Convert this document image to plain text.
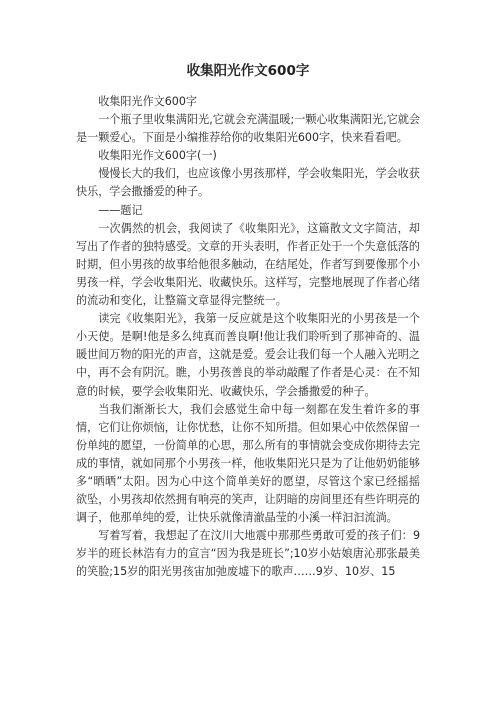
收集阳光作文600字

收集阳光作文600字

一个瓶子里收集满阳光,它就会充满温暖;一颗心收集满阳光,它就会是一颗爱心。下面是小编推荐给你的收集阳光600字，快来看看吧。

收集阳光作文600字(一)

慢慢长大的我们，也应该像小男孩那样，学会收集阳光，学会收获快乐，学会撒播爱的种子。

——题记

一次偶然的机会，我阅读了《收集阳光》，这篇散文文字简洁，却写出了作者的独特感受。文章的开头表明，作者正处于一个失意低落的时期，但小男孩的故事给他很多触动，在结尾处，作者写到要像那个小男孩一样，学会收集阳光、收藏快乐。这样写，完整地展现了作者心绪的流动和变化，让整篇文章显得完整统一。

读完《收集阳光》，我第一反应就是这个收集阳光的小男孩是一个小天使。是啊!他是多么纯真而善良啊!他让我们聆听到了那神奇的、温暖世间万物的阳光的声音，这就是爱。爱会让我们每一个人融入光明之中，再不会有阴沉。瞧，小男孩善良的举动敲醒了作者是心灵：在不知意的时候，要学会收集阳光、收藏快乐，学会播撒爱的种子。

当我们渐渐长大，我们会感觉生命中每一刻都在发生着许多的事情，它们让你烦恼，让你忧愁，让你不知所措。但如果心中依然保留一份单纯的愿望，一份简单的心思，那么所有的事情就会变成你期待去完成的事情，就如同那个小男孩一样，他收集阳光只是为了让他奶奶能够多“晒晒”太阳。因为心中这个简单美好的愿望，尽管这个家已经摇摇欲坠，小男孩却依然拥有响亮的笑声，让阴暗的房间里还有些许明亮的调子，他那单纯的爱，让快乐就像清澈晶莹的小溪一样汩汩流淌。

写着写着，我想起了在汶川大地震中那那些勇敢可爱的孩子们：9岁半的班长林浩有力的宣言“因为我是班长”;10岁小姑娘唐沁那张最美的笑脸;15岁的阳光男孩宙加弛废墟下的歌声……9岁、10岁、15
